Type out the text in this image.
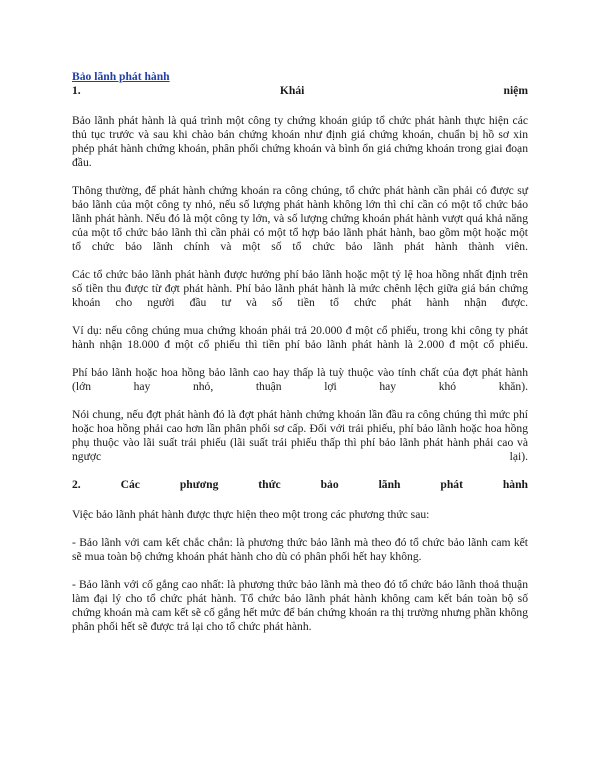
Bảo lãnh phát hành
1.	Khái	niệm

Bảo lãnh phát hành là quá trình một công ty chứng khoán giúp tổ chức phát hành thực hiện các thủ tục trước và sau khi chào bán chứng khoán như định giá chứng khoán, chuẩn bị hồ sơ xin phép phát hành chứng khoán, phân phối chứng khoán và bình ổn giá chứng khoán trong giai đoạn đầu.

Thông thường, để phát hành chứng khoán ra công chúng, tổ chức phát hành cần phải có được sự bảo lãnh của một công ty nhỏ, nếu số lượng phát hành không lớn thì chỉ cần có một tổ chức bảo lãnh phát hành. Nếu đó là một công ty lớn, và số lượng chứng khoán phát hành vượt quá khả năng của một tổ chức bảo lãnh thì cần phải có một tổ hợp bảo lãnh phát hành, bao gồm một hoặc một tổ chức bảo lãnh chính và một số tổ chức bảo lãnh phát hành thành viên.

Các tổ chức bảo lãnh phát hành được hưởng phí bảo lãnh hoặc một tỷ lệ hoa hồng nhất định trên số tiền thu được từ đợt phát hành. Phí bảo lãnh phát hành là mức chênh lệch giữa giá bán chứng khoán cho người đầu tư và số tiền tổ chức phát hành nhận được.

Ví dụ: nếu công chúng mua chứng khoán phải trả 20.000 đ một cổ phiếu, trong khi công ty phát hành nhận 18.000 đ một cổ phiếu thì tiền phí bảo lãnh phát hành là 2.000 đ một cổ phiếu.

Phí bảo lãnh hoặc hoa hồng bảo lãnh cao hay thấp là tuỳ thuộc vào tính chất của đợt phát hành (lớn hay nhỏ, thuận lợi hay khó khăn).

Nói chung, nếu đợt phát hành đó là đợt phát hành chứng khoán lần đầu ra công chúng thì mức phí hoặc hoa hồng phải cao hơn lần phân phối sơ cấp. Đối với trái phiếu, phí bảo lãnh hoặc hoa hồng phụ thuộc vào lãi suất trái phiếu (lãi suất trái phiếu thấp thì phí bảo lãnh phát hành phải cao và ngược lại).

2.	Các	phương	thức	bảo	lãnh	phát	hành

Việc bảo lãnh phát hành được thực hiện theo một trong các phương thức sau:

- Bảo lãnh với cam kết chắc chắn: là phương thức bảo lãnh mà theo đó tổ chức bảo lãnh cam kết sẽ mua toàn bộ chứng khoán phát hành cho dù có phân phối hết hay không.

- Bảo lãnh với cố gắng cao nhất: là phương thức bảo lãnh mà theo đó tổ chức bảo lãnh thoả thuận làm đại lý cho tổ chức phát hành. Tổ chức bảo lãnh phát hành không cam kết bán toàn bộ số chứng khoán mà cam kết sẽ cố gắng hết mức để bán chứng khoán ra thị trường nhưng phần không phân phối hết sẽ được trả lại cho tổ chức phát hành.
